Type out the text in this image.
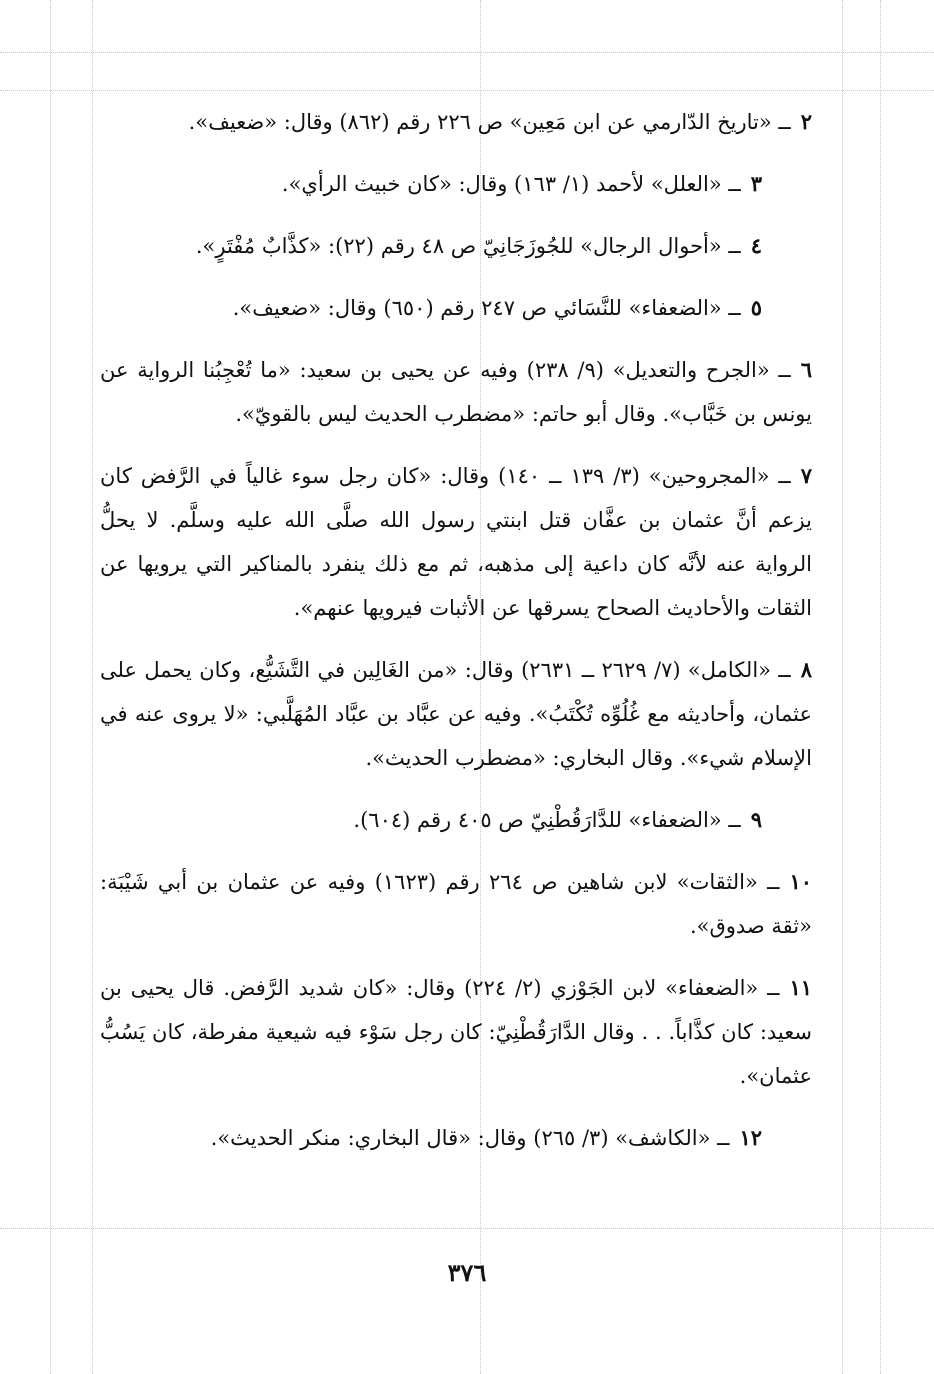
٢ــ «تاريخ الدّارمي عن ابن مَعِين» ص ٢٢٦ رقم (٨٦٢) وقال: «ضعيف».

٣ــ «العلل» لأحمد (١/ ١٦٣) وقال: «كان خبيث الرأي».

٤ــ «أحوال الرجال» للجُوزَجَانِيّ ص ٤٨ رقم (٢٢): «كذَّابٌ مُفْتَرٍ».

٥ــ «الضعفاء» للنَّسَائي ص ٢٤٧ رقم (٦٥٠) وقال: «ضعيف».

٦ــ «الجرح والتعديل» (٩/ ٢٣٨) وفيه عن يحيى بن سعيد: «ما تُعْجِبُنا الرواية عن يونس بن خَبَّاب». وقال أبو حاتم: «مضطرب الحديث ليس بالقويّ».

٧ــ «المجروحين» (٣/ ١٣٩ ــ ١٤٠) وقال: «كان رجل سوء غالياً في الرَّفض كان يزعم أنَّ عثمان بن عفَّان قتل ابنتي رسول الله صلَّى الله عليه وسلَّم. لا يحلُّ الرواية عنه لأنَّه كان داعية إلى مذهبه، ثم مع ذلك ينفرد بالمناكير التي يرويها عن الثقات والأحاديث الصحاح يسرقها عن الأثبات فيرويها عنهم».

٨ــ «الكامل» (٧/ ٢٦٢٩ ــ ٢٦٣١) وقال: «من الغَالِين في التَّشَيُّع، وكان يحمل على عثمان، وأحاديثه مع غُلُوِّه تُكْتَبُ». وفيه عن عبَّاد بن عبَّاد المُهَلَّبي: «لا يروى عنه في الإسلام شيء». وقال البخاري: «مضطرب الحديث».

٩ــ «الضعفاء» للدَّارَقُطْنِيّ ص ٤٠٥ رقم (٦٠٤).

١٠ــ «الثقات» لابن شاهين ص ٢٦٤ رقم (١٦٢٣) وفيه عن عثمان بن أبي شَيْبَة: «ثقة صدوق».

١١ــ «الضعفاء» لابن الجَوْزي (٢/ ٢٢٤) وقال: «كان شديد الرَّفض. قال يحيى بن سعيد: كان كذَّاباً. . . وقال الدَّارَقُطْنِيّ: كان رجل سَوْء فيه شيعية مفرطة، كان يَسُبُّ عثمان».

١٢ــ «الكاشف» (٣/ ٢٦٥) وقال: «قال البخاري: منكر الحديث».

٣٧٦
